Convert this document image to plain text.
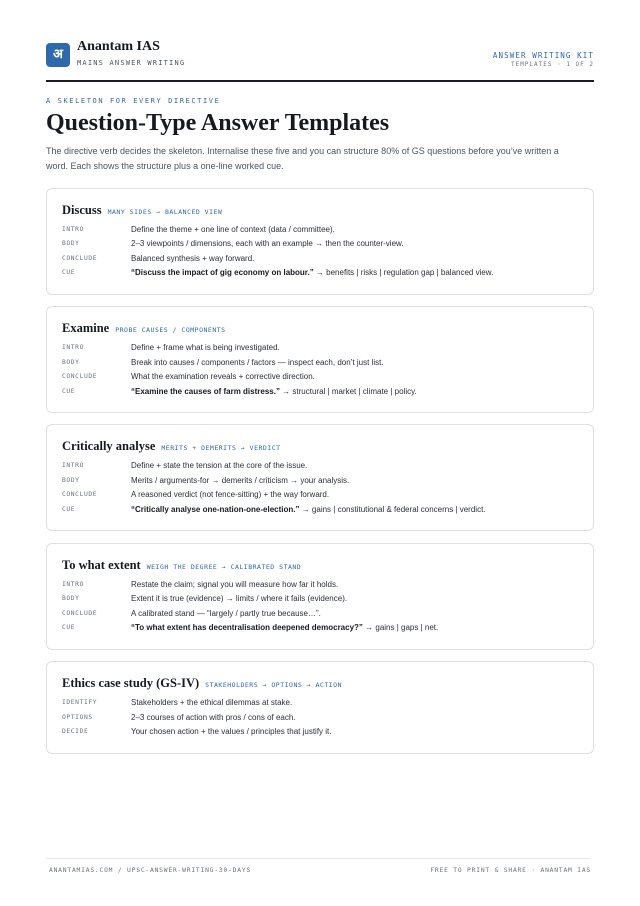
अ
Anantam IAS
MAINS ANSWER WRITING
ANSWER WRITING KIT
TEMPLATES · 1 OF 2
A SKELETON FOR EVERY DIRECTIVE
Question-Type Answer Templates

The directive verb decides the skeleton. Internalise these five and you can structure 80% of GS questions before you’ve written a word. Each shows the structure plus a one-line worked cue.

Discuss MANY SIDES → BALANCED VIEW
INTRO	Define the theme + one line of context (data / committee).
BODY	2–3 viewpoints / dimensions, each with an example → then the counter-view.
CONCLUDE	Balanced synthesis + way forward.
CUE	“Discuss the impact of gig economy on labour.” → benefits | risks | regulation gap | balanced view.
Examine PROBE CAUSES / COMPONENTS
INTRO	Define + frame what is being investigated.
BODY	Break into causes / components / factors — inspect each, don’t just list.
CONCLUDE	What the examination reveals + corrective direction.
CUE	“Examine the causes of farm distress.” → structural | market | climate | policy.
Critically analyse MERITS + DEMERITS → VERDICT
INTRO	Define + state the tension at the core of the issue.
BODY	Merits / arguments-for → demerits / criticism → your analysis.
CONCLUDE	A reasoned verdict (not fence-sitting) + the way forward.
CUE	“Critically analyse one-nation-one-election.” → gains | constitutional & federal concerns | verdict.
To what extent WEIGH THE DEGREE → CALIBRATED STAND
INTRO	Restate the claim; signal you will measure how far it holds.
BODY	Extent it is true (evidence) → limits / where it fails (evidence).
CONCLUDE	A calibrated stand — “largely / partly true because…”.
CUE	“To what extent has decentralisation deepened democracy?” → gains | gaps | net.
Ethics case study (GS-IV) STAKEHOLDERS → OPTIONS → ACTION
IDENTIFY	Stakeholders + the ethical dilemmas at stake.
OPTIONS	2–3 courses of action with pros / cons of each.
DECIDE	Your chosen action + the values / principles that justify it.
ANANTAMIAS.COM / UPSC-ANSWER-WRITING-30-DAYS	FREE TO PRINT & SHARE · ANANTAM IAS
